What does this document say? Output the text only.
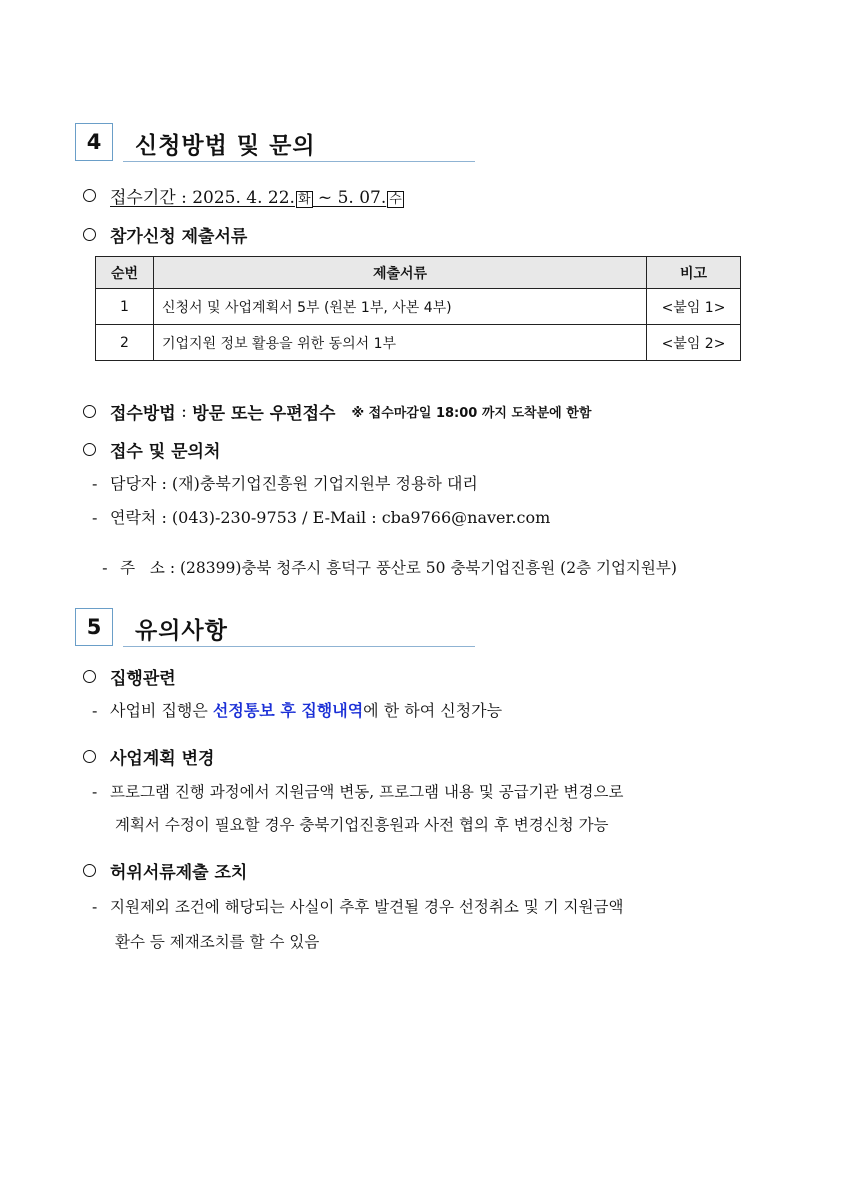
4	신청방법 및 문의
접수기간 : 2025. 4. 22. 화 ~ 5. 07. 수
참가신청 제출서류
순번	제출서류	비고
1	신청서 및 사업계획서 5부 (원본 1부, 사본 4부)	<붙임 1>
2	기업지원 정보 활용을 위한 동의서 1부	<붙임 2>
접수방법 : 방문 또는 우편접수 ※ 접수마감일 18:00 까지 도착분에 한함
접수 및 문의처
- 담당자 : (재)충북기업진흥원 기업지원부 정용하 대리
- 연락처 : (043)-230-9753 / E-Mail : cba9766@naver.com

- 주   소 : (28399)충북 청주시 흥덕구 풍산로 50 충북기업진흥원 (2층 기업지원부)

5	유의사항
집행관련
- 사업비 집행은 선정통보 후 집행내역에 한 하여 신청가능
사업계획 변경
- 프로그램 진행 과정에서 지원금액 변동, 프로그램 내용 및 공급기관 변경으로
계획서 수정이 필요할 경우 충북기업진흥원과 사전 협의 후 변경신청 가능
허위서류제출 조치
- 지원제외 조건에 해당되는 사실이 추후 발견될 경우 선정취소 및 기 지원금액
환수 등 제재조치를 할 수 있음
